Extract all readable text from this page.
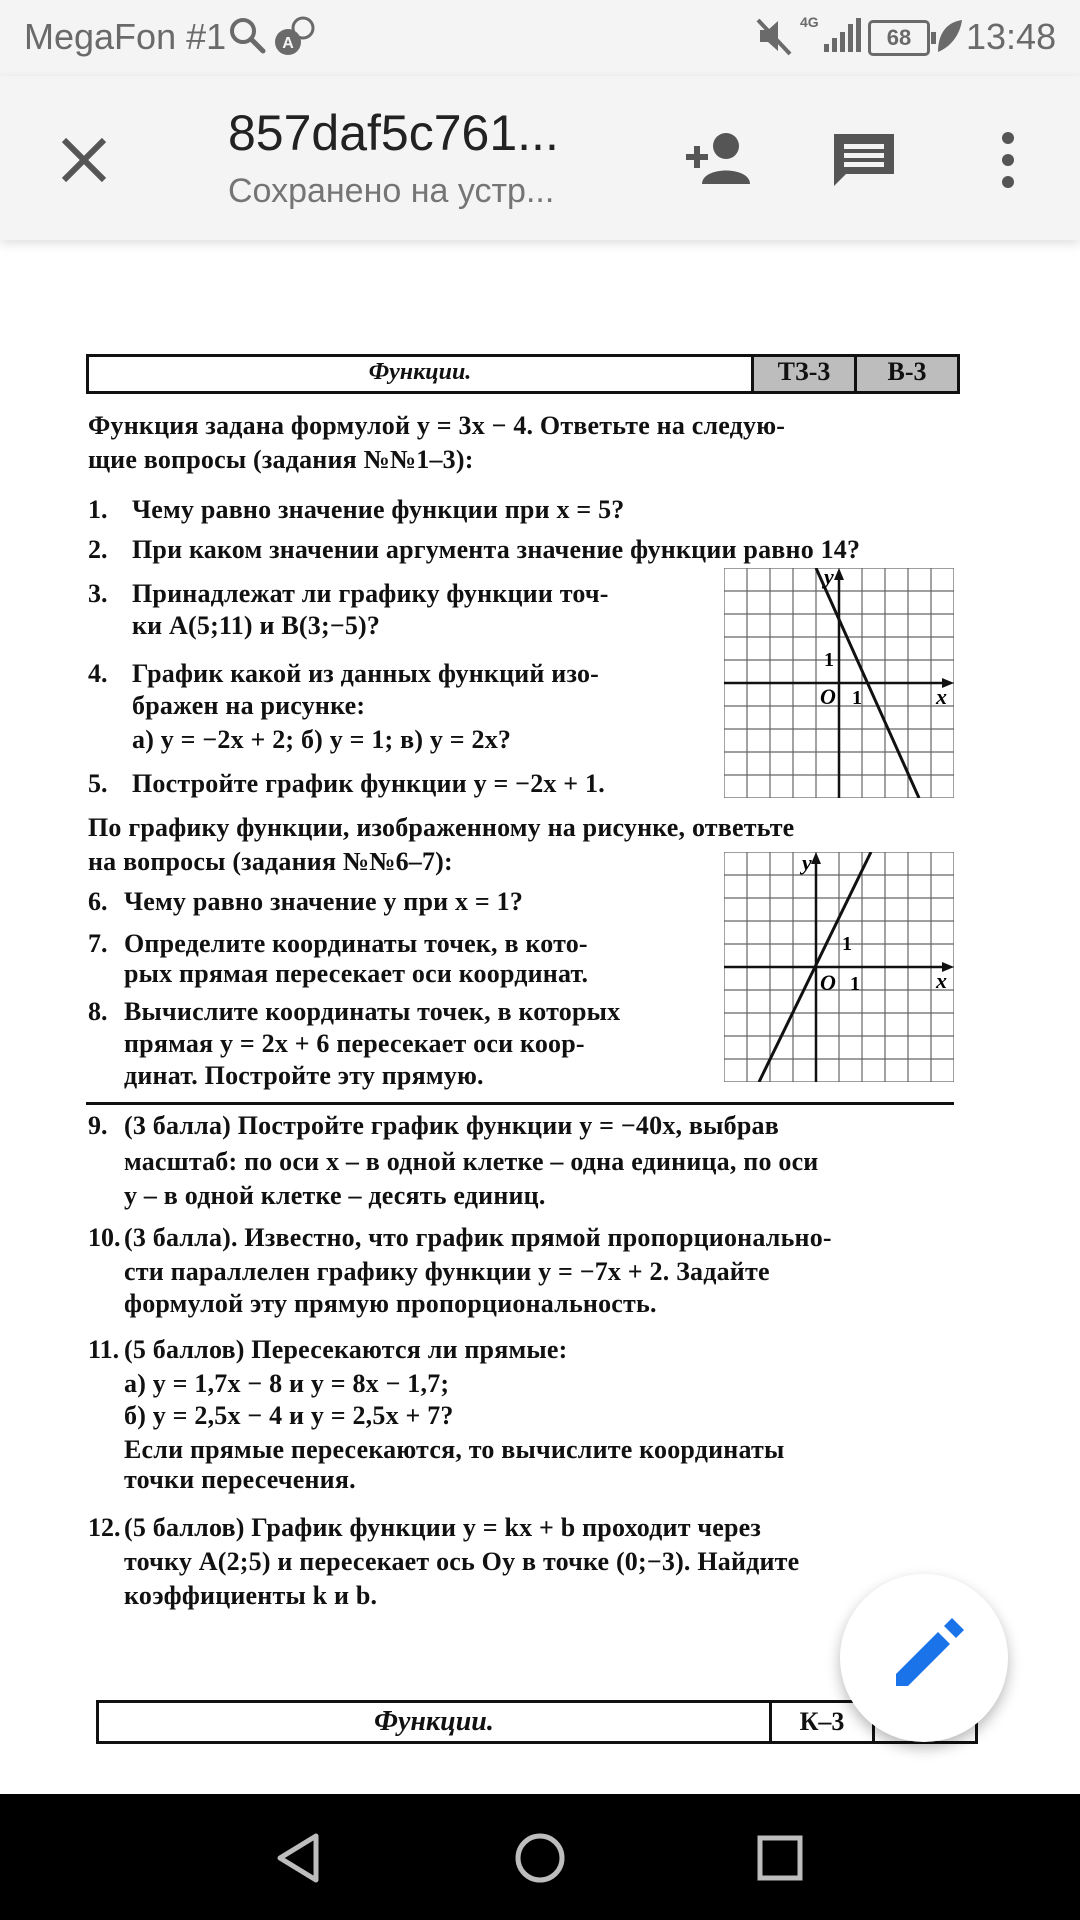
MegaFon #1	A
4G
68	13:48
857daf5c761...
Сохранено на устр...
Функции.	ТЗ-3	В-3
Функция задана формулой y = 3x − 4. Ответьте на следую-
щие вопросы (задания №№1–3):
1. Чему равно значение функции при x = 5?
2. При каком значении аргумента значение функции равно 14?
3. Принадлежат ли графику функции точ-
ки A(5;11) и B(3;−5)?
4. График какой из данных функций изо-
бражен на рисунке:
а) y = −2x + 2; б) y = 1; в) y = 2x?
5. Постройте график функции y = −2x + 1.
y
x
O 1
1
По графику функции, изображенному на рисунке, ответьте
на вопросы (задания №№6–7):
6. Чему равно значение y при x = 1?
7. Определите координаты точек, в кото-
рых прямая пересекает оси координат.
8. Вычислите координаты точек, в которых
прямая y = 2x + 6 пересекает оси коор-
динат. Постройте эту прямую.
y
x
O 1
1
9. (3 балла) Постройте график функции y = −40x, выбрав
масштаб: по оси x – в одной клетке – одна единица, по оси
y – в одной клетке – десять единиц.
10. (3 балла). Известно, что график прямой пропорционально-
сти параллелен графику функции y = −7x + 2. Задайте
формулой эту прямую пропорциональность.
11. (5 баллов) Пересекаются ли прямые:
а) y = 1,7x − 8 и y = 8x − 1,7;
б) y = 2,5x − 4 и y = 2,5x + 7?
Если прямые пересекаются, то вычислите координаты
точки пересечения.
12. (5 баллов) График функции y = kx + b проходит через
точку A(2;5) и пересекает ось Oy в точке (0;−3). Найдите
коэффициенты k и b.
Функции.	К–3
